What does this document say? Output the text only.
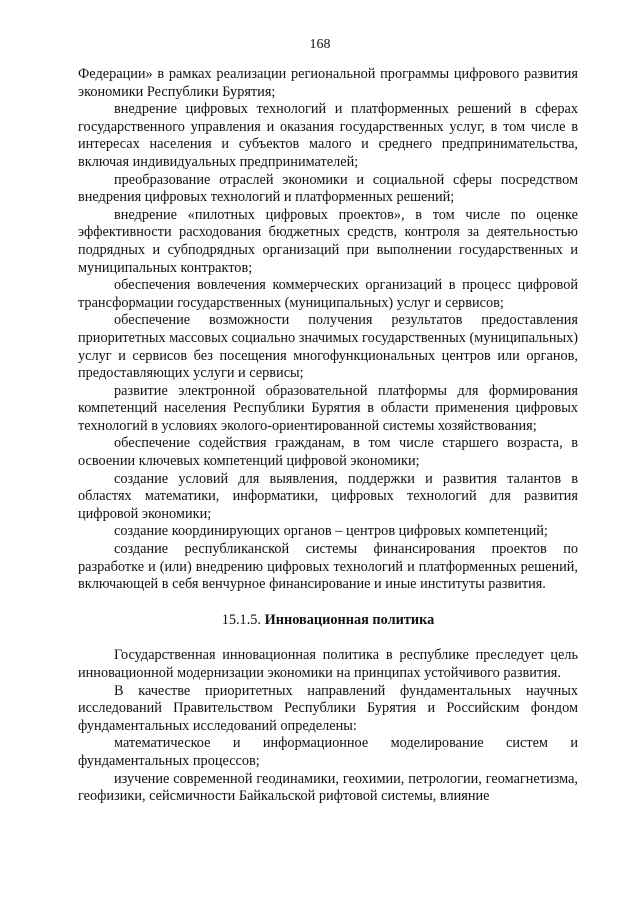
168

Федерации» в рамках реализации региональной программы цифрового развития экономики Республики Бурятия;

внедрение цифровых технологий и платформенных решений в сферах государственного управления и оказания государственных услуг, в том числе в интересах населения и субъектов малого и среднего предпринимательства, включая индивидуальных предпринимателей;

преобразование отраслей экономики и социальной сферы посредством внедрения цифровых технологий и платформенных решений;

внедрение «пилотных цифровых проектов», в том числе по оценке эффективности расходования бюджетных средств, контроля за деятельностью подрядных и субподрядных организаций при выполнении государственных и муниципальных контрактов;

обеспечения вовлечения коммерческих организаций в процесс цифровой трансформации государственных (муниципальных) услуг и сервисов;

обеспечение возможности получения результатов предоставления приоритетных массовых социально значимых государственных (муниципальных) услуг и сервисов без посещения многофункциональных центров или органов, предоставляющих услуги и сервисы;

развитие электронной образовательной платформы для формирования компетенций населения Республики Бурятия в области применения цифровых технологий в условиях эколого-ориентированной системы хозяйствования;

обеспечение содействия гражданам, в том числе старшего возраста, в освоении ключевых компетенций цифровой экономики;

создание условий для выявления, поддержки и развития талантов в областях математики, информатики, цифровых технологий для развития цифровой экономики;

создание координирующих органов – центров цифровых компетенций;

создание республиканской системы финансирования проектов по разработке и (или) внедрению цифровых технологий и платформенных решений, включающей в себя венчурное финансирование и иные институты развития.

15.1.5. Инновационная политика

Государственная инновационная политика в республике преследует цель инновационной модернизации экономики на принципах устойчивого развития.

В качестве приоритетных направлений фундаментальных научных исследований Правительством Республики Бурятия и Российским фондом фундаментальных исследований определены:

математическое и информационное моделирование систем и фундаментальных процессов;

изучение современной геодинамики, геохимии, петрологии, геомагнетизма, геофизики, сейсмичности Байкальской рифтовой системы, влияние
